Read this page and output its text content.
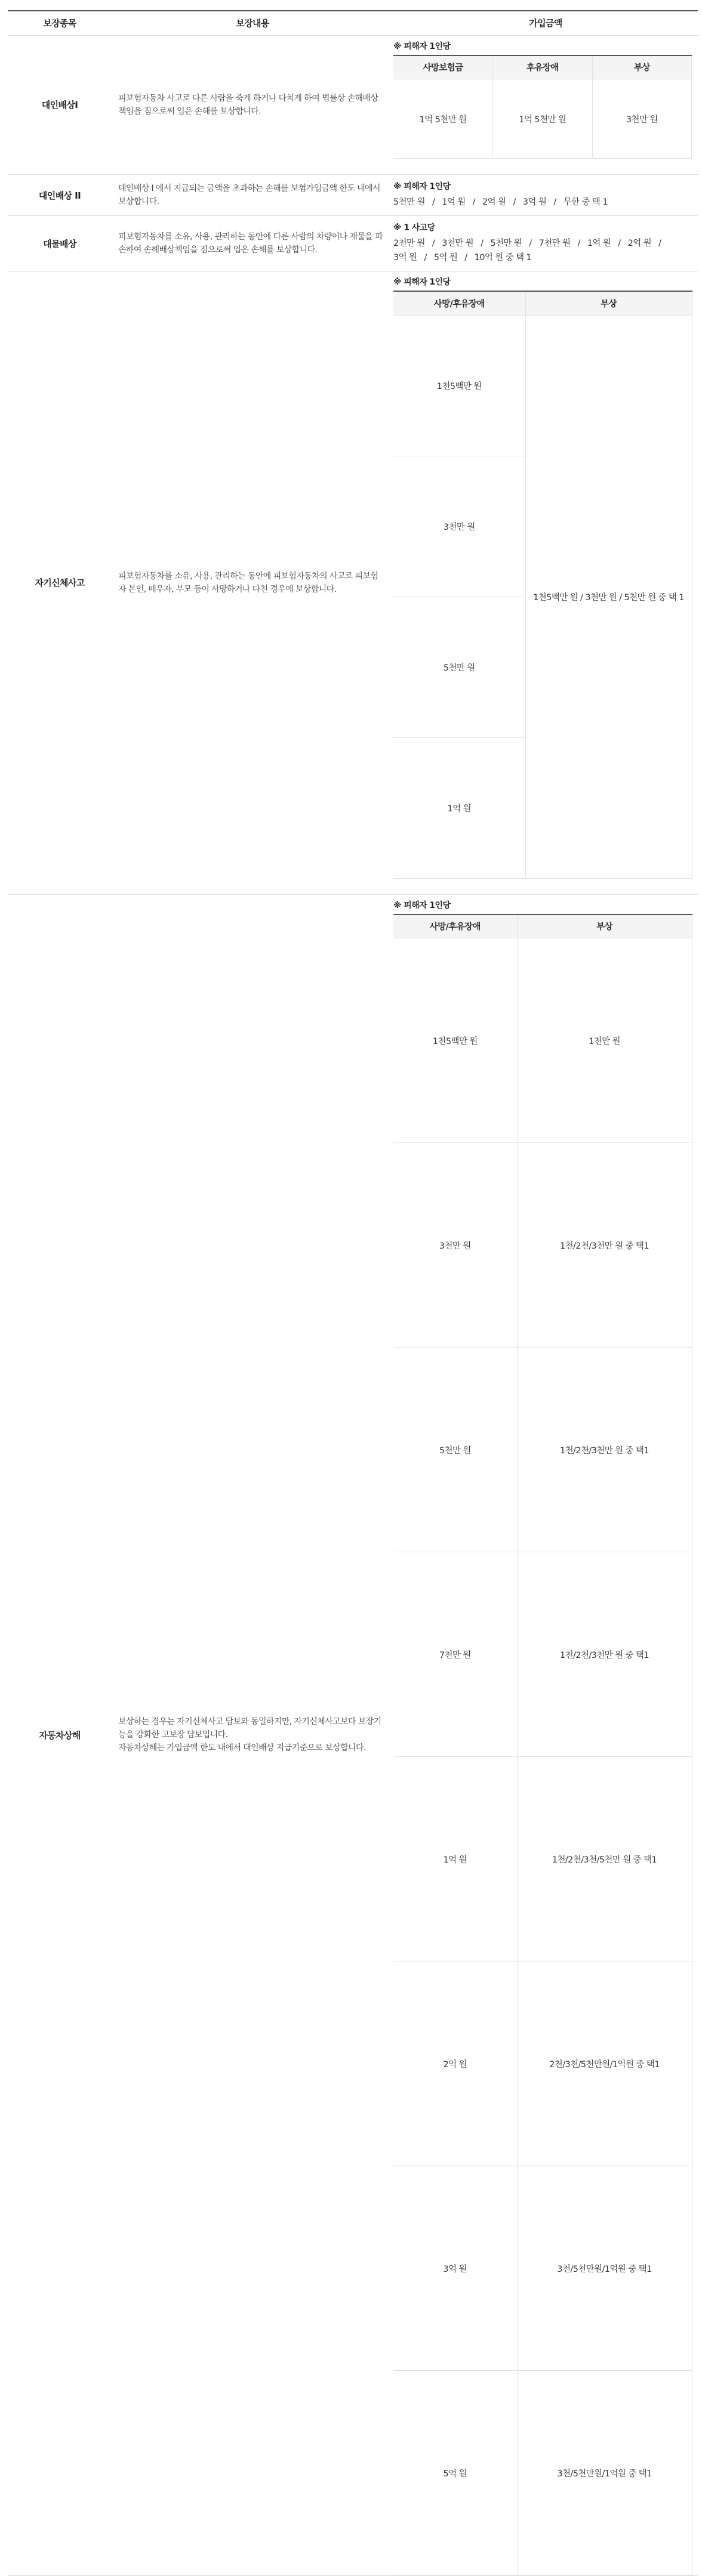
보장종목	보장내용	가입금액
대인배상I	피보험자동차 사고로 다른 사람을 죽게 하거나 다치게 하여 법률상 손해배상책임을 짐으로써 입은 손해를 보상합니다.	
※ 피해자 1인당
사망보험금	후유장애	부상
1억 5천만 원	1억 5천만 원	3천만 원

대인배상 II	대인배상 I 에서 지급되는 금액을 초과하는 손해를 보험가입금액 한도 내에서 보상합니다.	
※ 피해자 1인당
5천만 원   /   1억 원   /   2억 원   /   3억 원   /   무한 중 택 1

대물배상	피보험자동차를 소유, 사용, 관리하는 동안에 다른 사람의 차량이나 재물을 파손하여 손해배상책임을 짐으로써 입은 손해를 보상합니다.	
※ 1 사고당
2천만 원   /   3천만 원   /   5천만 원   /   7천만 원   /   1억 원   /   2억 원   /
3억 원   /   5억 원   /   10억 원 중 택 1

자기신체사고	피보험자동차를 소유, 사용, 관리하는 동안에 피보험자동차의 사고로 피보험자 본인, 배우자, 부모 등이 사망하거나 다친 경우에 보상합니다.	
※ 피해자 1인당
사망/후유장애	부상
1천5백만 원	1천5백만 원 / 3천만 원 / 5천만 원 중 택 1
3천만 원
5천만 원
1억 원

자동차상해	
보상하는 경우는 자기신체사고 담보와 동일하지만, 자기신체사고보다 보장기능을 강화한 고보장 담보입니다.
자동차상해는 가입금액 한도 내에서 대인배상 지급기준으로 보상합니다.

※ 피해자 1인당
사망/후유장애	부상
1천5백만 원	1천만 원
3천만 원	1천/2천/3천만 원 중 택1
5천만 원	1천/2천/3천만 원 중 택1
7천만 원	1천/2천/3천만 원 중 택1
1억 원	1천/2천/3천/5천만 원 중 택1
2억 원	2천/3천/5천만원/1억원 중 택1
3억 원	3천/5천만원/1억원 중 택1
5억 원	3천/5천만원/1억원 중 택1
